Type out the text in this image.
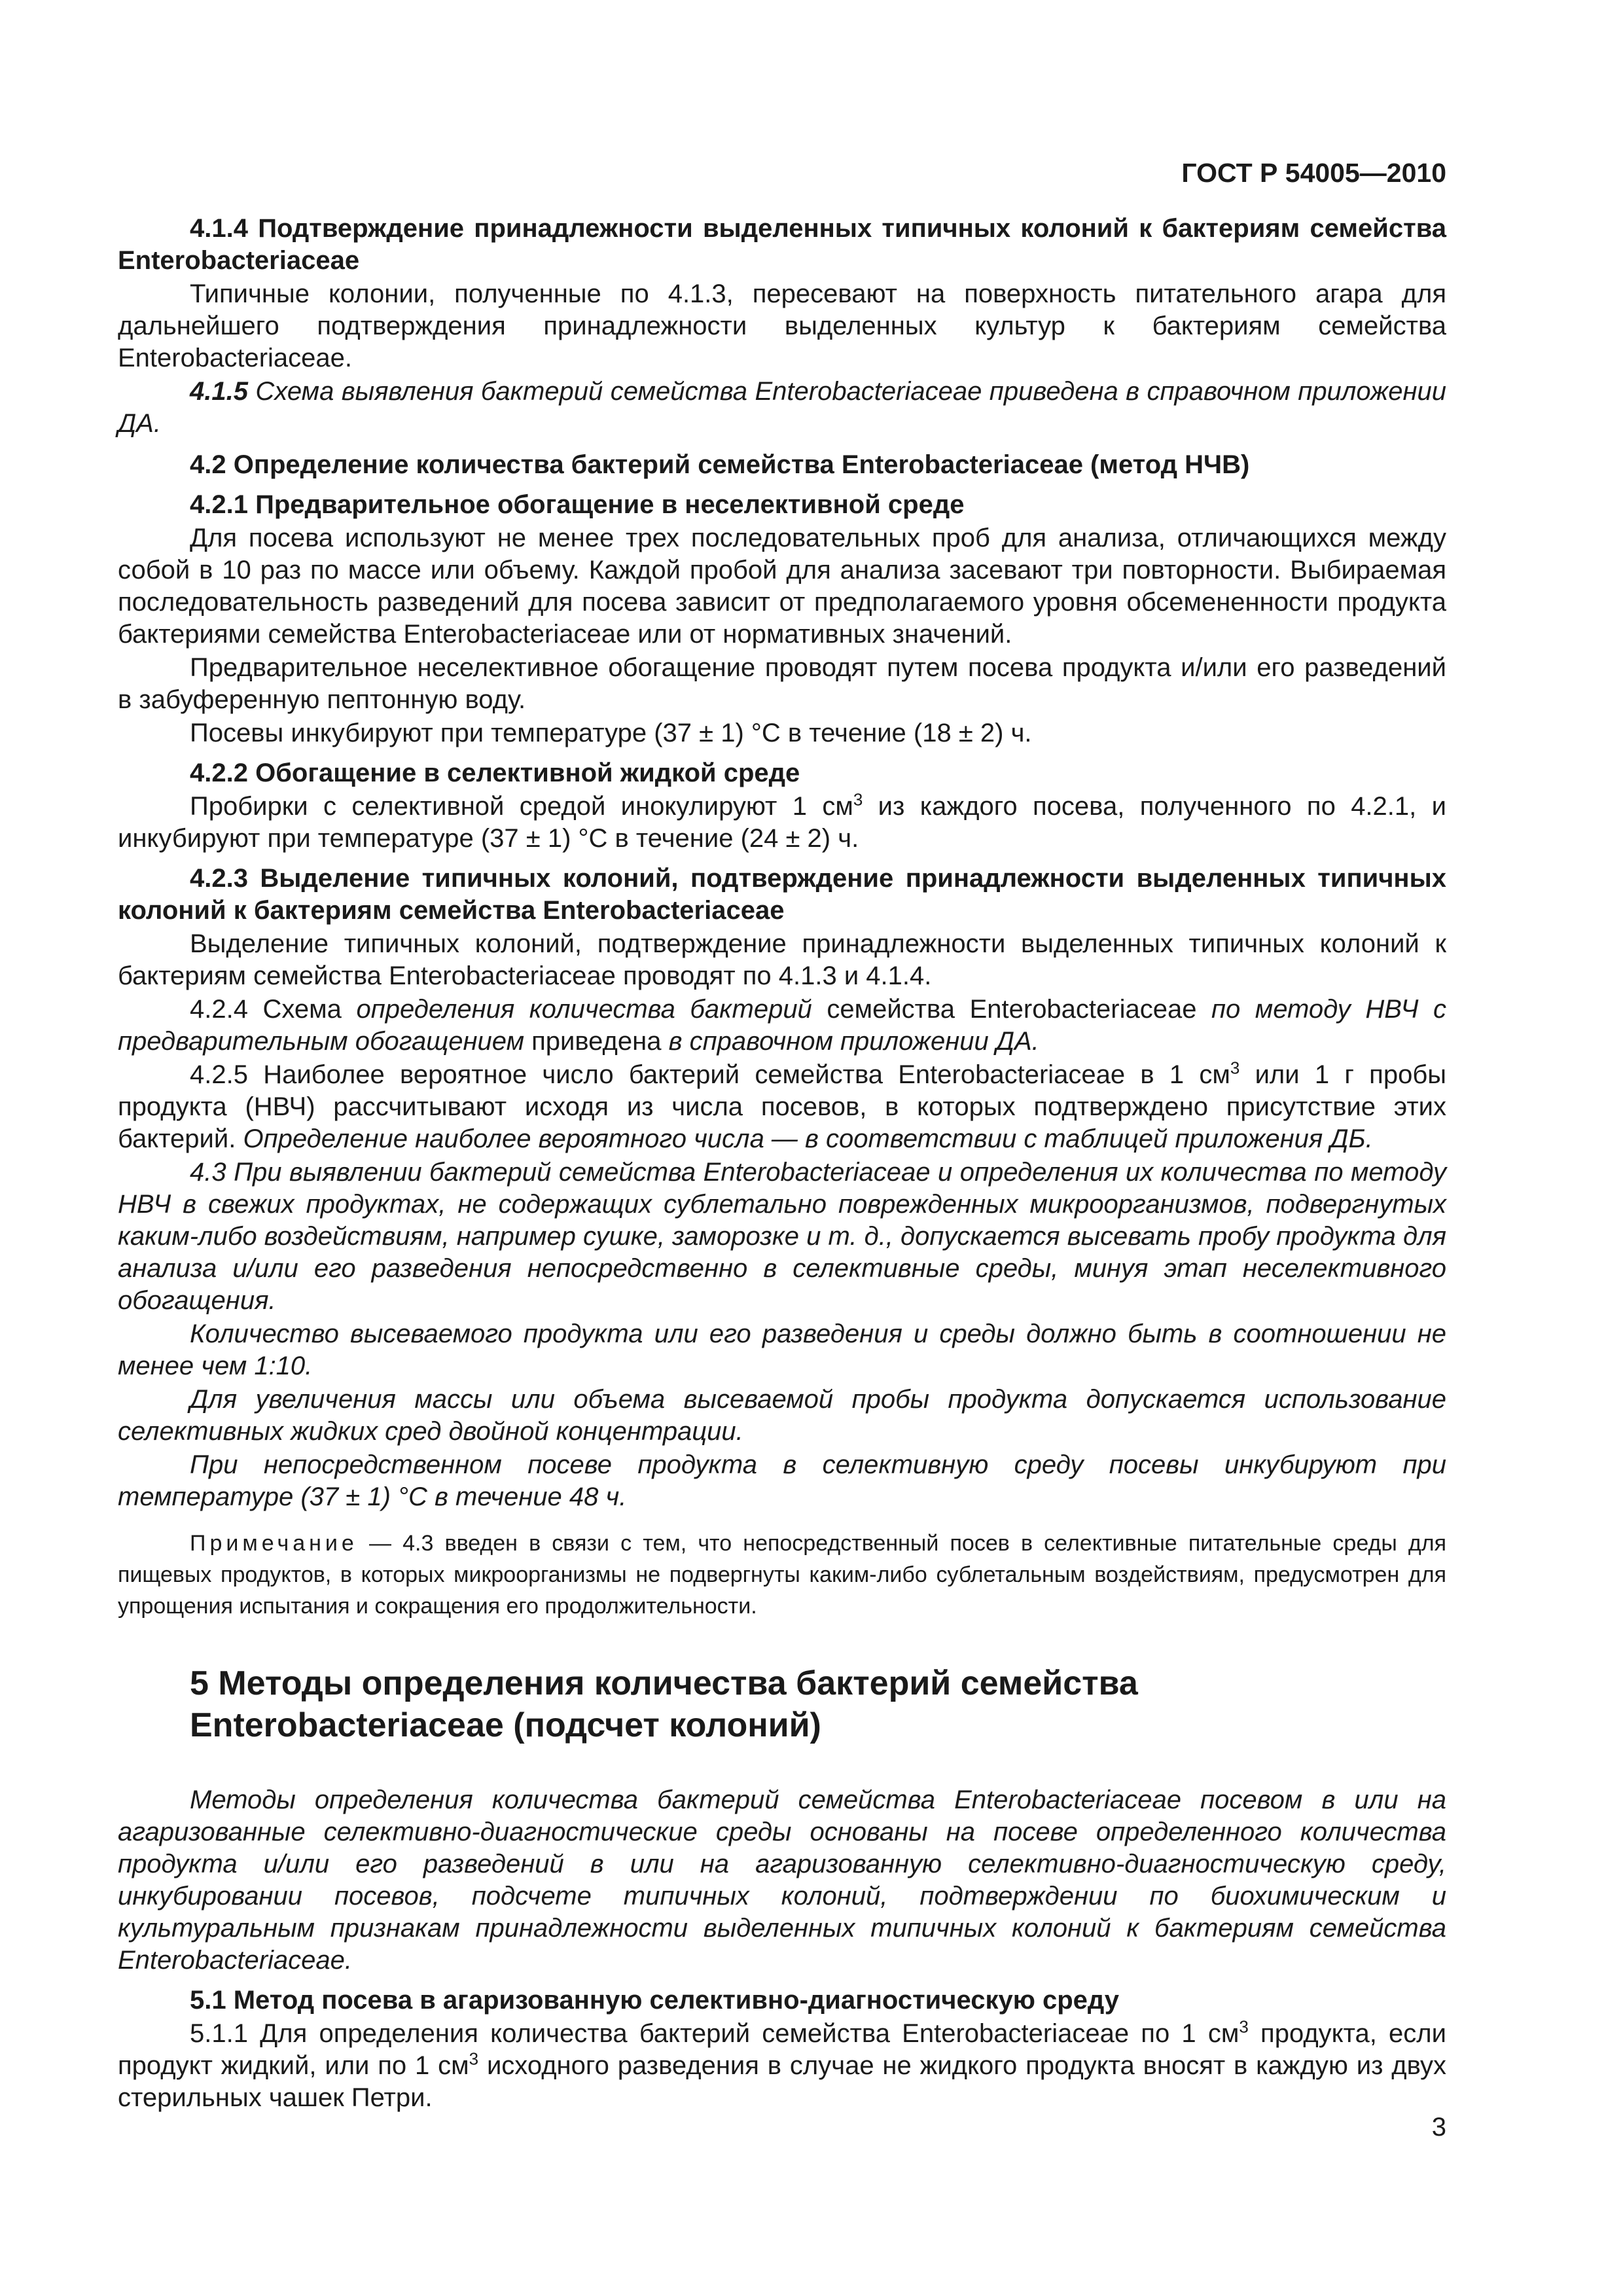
ГОСТ Р 54005—2010
4.1.4 Подтверждение принадлежности выделенных типичных колоний к бактериям семейства Enterobacteriaceae

Типичные колонии, полученные по 4.1.3, пересевают на поверхность питательного агара для дальнейшего подтверждения принадлежности выделенных культур к бактериям семейства Enterobacteriaceae.

4.1.5 Схема выявления бактерий семейства Enterobacteriaceae приведена в справочном приложении ДА.

4.2 Определение количества бактерий семейства Enterobacteriaceae (метод НЧВ)
4.2.1 Предварительное обогащение в неселективной среде

Для посева используют не менее трех последовательных проб для анализа, отличающихся между собой в 10 раз по массе или объему. Каждой пробой для анализа засевают три повторности. Выбираемая последовательность разведений для посева зависит от предполагаемого уровня обсемененности продукта бактериями семейства Enterobacteriaceae или от нормативных значений.

Предварительное неселективное обогащение проводят путем посева продукта и/или его разведений в забуференную пептонную воду.

Посевы инкубируют при температуре (37 ± 1) °С в течение (18 ± 2) ч.

4.2.2 Обогащение в селективной жидкой среде

Пробирки с селективной средой инокулируют 1 $см^3$ из каждого посева, полученного по 4.2.1, и инкубируют при температуре (37 ± 1) °С в течение (24 ± 2) ч.

4.2.3 Выделение типичных колоний, подтверждение принадлежности выделенных типичных колоний к бактериям семейства Enterobacteriaceae

Выделение типичных колоний, подтверждение принадлежности выделенных типичных колоний к бактериям семейства Enterobacteriaceae проводят по 4.1.3 и 4.1.4.

4.2.4 Схема определения количества бактерий семейства Enterobacteriaceae по методу НВЧ с предварительным обогащением приведена в справочном приложении ДА.

4.2.5 Наиболее вероятное число бактерий семейства Enterobacteriaceae в 1 $см^3$ или 1 г пробы продукта (НВЧ) рассчитывают исходя из числа посевов, в которых подтверждено присутствие этих бактерий. Определение наиболее вероятного числа — в соответствии с таблицей приложения ДБ.

4.3 При выявлении бактерий семейства Enterobacteriaceae и определения их количества по методу НВЧ в свежих продуктах, не содержащих сублетально поврежденных микроорганизмов, подвергнутых каким-либо воздействиям, например сушке, заморозке и т. д., допускается высевать пробу продукта для анализа и/или его разведения непосредственно в селективные среды, минуя этап неселективного обогащения.

Количество высеваемого продукта или его разведения и среды должно быть в соотношении не менее чем 1:10.

Для увеличения массы или объема высеваемой пробы продукта допускается использование селективных жидких сред двойной концентрации.

При непосредственном посеве продукта в селективную среду посевы инкубируют при температуре (37 ± 1) °С в течение 48 ч.

Примечание — 4.3 введен в связи с тем, что непосредственный посев в селективные питательные среды для пищевых продуктов, в которых микроорганизмы не подвергнуты каким-либо сублетальным воздействиям, предусмотрен для упрощения испытания и сокращения его продолжительности.

5 Методы определения количества бактерий семейства Enterobacteriaceae (подсчет колоний)

Методы определения количества бактерий семейства Enterobacteriaceae посевом в или на агаризованные селективно-диагностические среды основаны на посеве определенного количества продукта и/или его разведений в или на агаризованную селективно-диагностическую среду, инкубировании посевов, подсчете типичных колоний, подтверждении по биохимическим и культуральным признакам принадлежности выделенных типичных колоний к бактериям семейства Enterobacteriaceae.

5.1 Метод посева в агаризованную селективно-диагностическую среду

5.1.1 Для определения количества бактерий семейства Enterobacteriaceae по 1 $см^3$ продукта, если продукт жидкий, или по 1 $см^3$ исходного разведения в случае не жидкого продукта вносят в каждую из двух стерильных чашек Петри.

3
